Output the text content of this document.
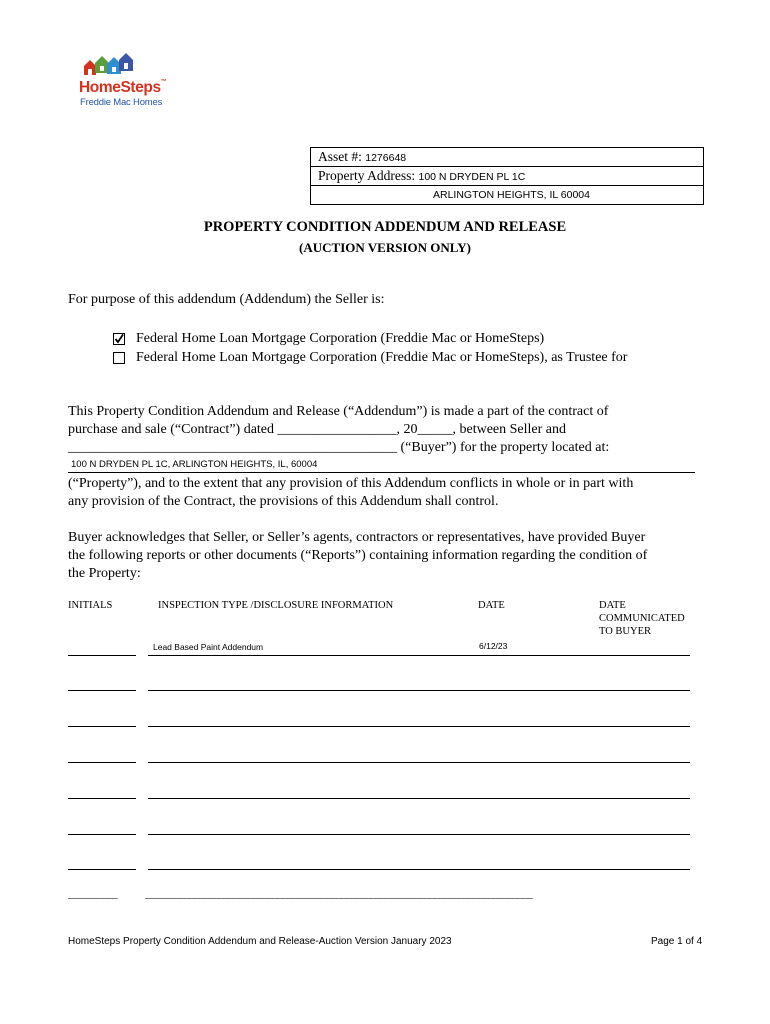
HomeSteps™
Freddie Mac Homes
Asset #: 1276648
Property Address: 100 N DRYDEN PL 1C
ARLINGTON HEIGHTS, IL 60004
PROPERTY CONDITION ADDENDUM AND RELEASE
(AUCTION VERSION ONLY)
For purpose of this addendum (Addendum) the Seller is:
Federal Home Loan Mortgage Corporation (Freddie Mac or HomeSteps)
Federal Home Loan Mortgage Corporation (Freddie Mac or HomeSteps), as Trustee for
This Property Condition Addendum and Release (“Addendum”) is made a part of the contract of
purchase and sale (“Contract”) dated _________________, 20_____, between Seller and
_______________________________________________ (“Buyer”) for the property located at:
100 N DRYDEN PL 1C, ARLINGTON HEIGHTS, IL, 60004
(“Property”), and to the extent that any provision of this Addendum conflicts in whole or in part with
any provision of the Contract, the provisions of this Addendum shall control.
Buyer acknowledges that Seller, or Seller’s agents, contractors or representatives, have provided Buyer
the following reports or other documents (“Reports”) containing information regarding the condition of
the Property:
INITIALS	INSPECTION TYPE /DISCLOSURE INFORMATION	DATE	DATE
COMMUNICATED
TO BUYER
Lead Based Paint Addendum	6/12/23
__________	_______________________________________________________________________________
HomeSteps Property Condition Addendum and Release-Auction Version January 2023	Page 1 of 4
